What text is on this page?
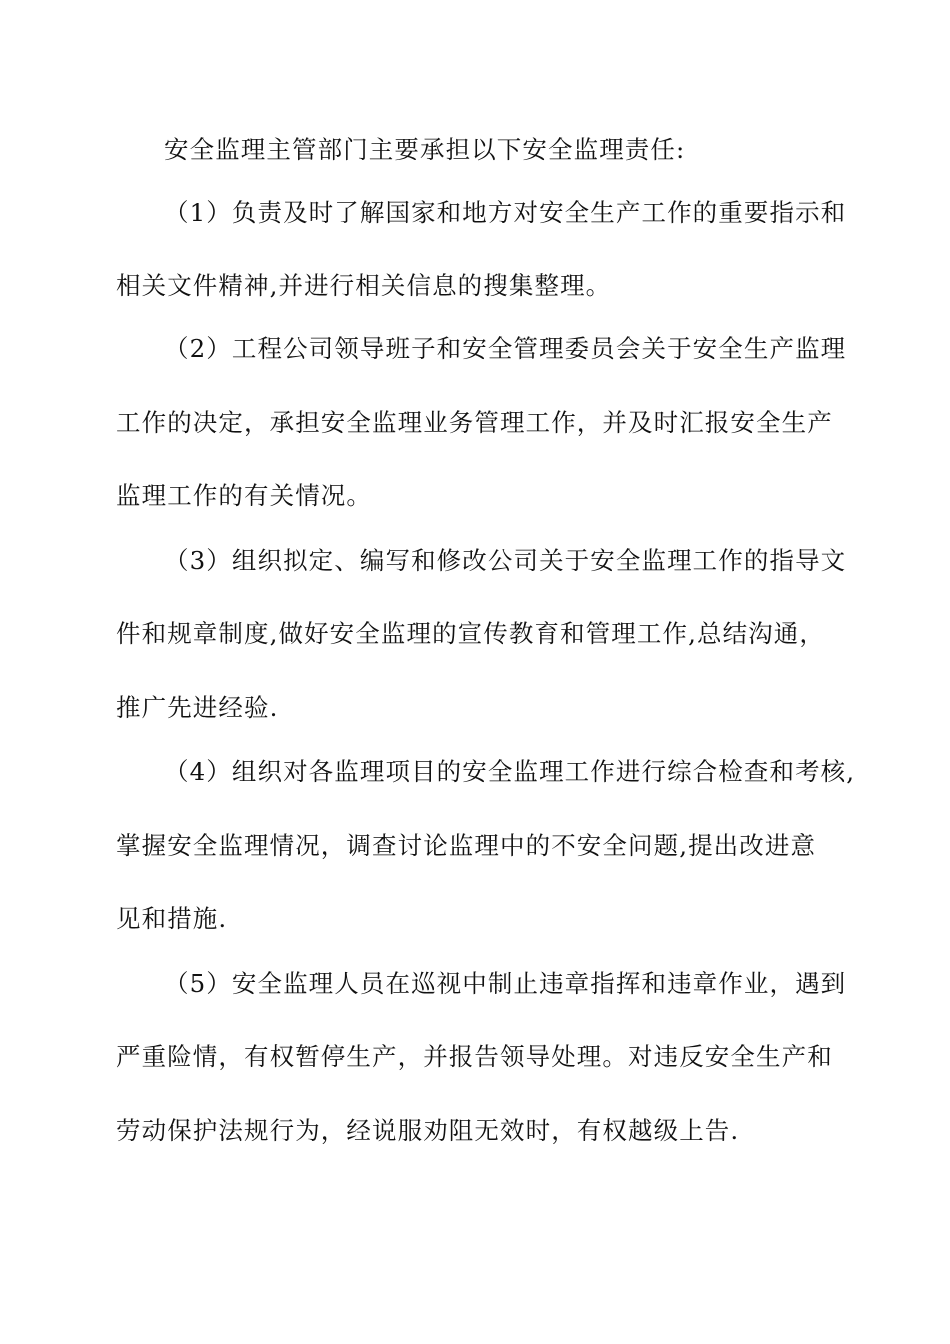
安全监理主管部门主要承担以下安全监理责任:
（1）负责及时了解国家和地方对安全生产工作的重要指示和
相关文件精神,并进行相关信息的搜集整理。
（2）工程公司领导班子和安全管理委员会关于安全生产监理
工作的决定，承担安全监理业务管理工作，并及时汇报安全生产
监理工作的有关情况。
（3）组织拟定、编写和修改公司关于安全监理工作的指导文
件和规章制度,做好安全监理的宣传教育和管理工作,总结沟通，
推广先进经验.
（4）组织对各监理项目的安全监理工作进行综合检查和考核,
掌握安全监理情况，调查讨论监理中的不安全问题,提出改进意
见和措施.
（5）安全监理人员在巡视中制止违章指挥和违章作业，遇到
严重险情，有权暂停生产，并报告领导处理。对违反安全生产和
劳动保护法规行为，经说服劝阻无效时，有权越级上告.
